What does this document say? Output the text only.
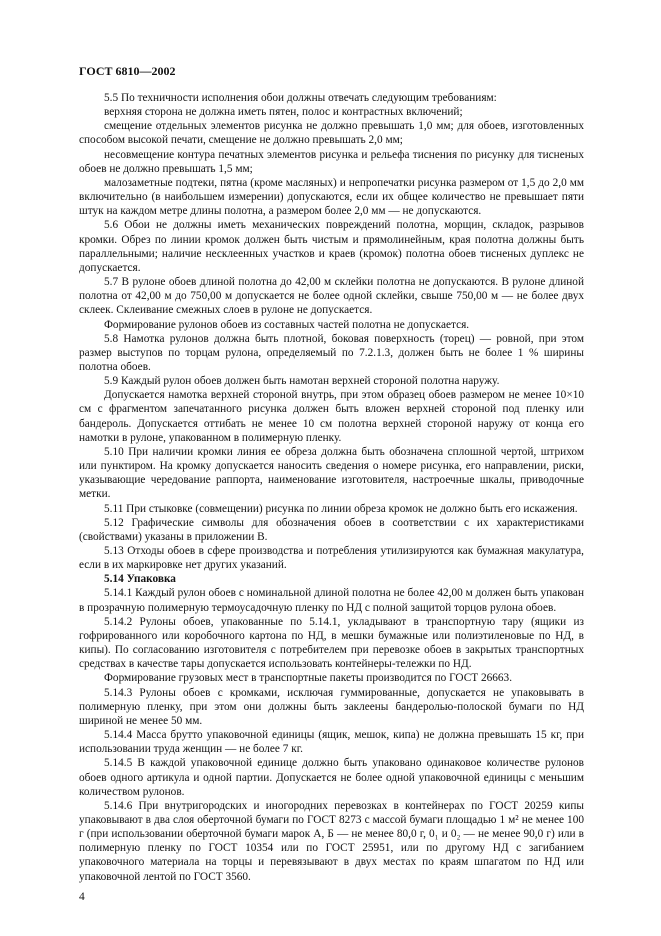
ГОСТ 6810—2002

5.5 По техничности исполнения обои должны отвечать следующим требованиям:

верхняя сторона не должна иметь пятен, полос и контрастных включений;

смещение отдельных элементов рисунка не должно превышать 1,0 мм; для обоев, изготовленных способом высокой печати, смещение не должно превышать 2,0 мм;

несовмещение контура печатных элементов рисунка и рельефа тиснения по рисунку для тисненых обоев не должно превышать 1,5 мм;

малозаметные подтеки, пятна (кроме масляных) и непропечатки рисунка размером от 1,5 до 2,0 мм включительно (в наибольшем измерении) допускаются, если их общее количество не превышает пяти штук на каждом метре длины полотна, а размером более 2,0 мм — не допускаются.

5.6 Обои не должны иметь механических повреждений полотна, морщин, складок, разрывов кромки. Обрез по линии кромок должен быть чистым и прямолинейным, края полотна должны быть параллельными; наличие несклеенных участков и краев (кромок) полотна обоев тисненых дуплекс не допускается.

5.7 В рулоне обоев длиной полотна до 42,00 м склейки полотна не допускаются. В рулоне длиной полотна от 42,00 м до 750,00 м допускается не более одной склейки, свыше 750,00 м — не более двух склеек. Склеивание смежных слоев в рулоне не допускается.

Формирование рулонов обоев из составных частей полотна не допускается.

5.8 Намотка рулонов должна быть плотной, боковая поверхность (торец) — ровной, при этом размер выступов по торцам рулона, определяемый по 7.2.1.3, должен быть не более 1 % ширины полотна обоев.

5.9 Каждый рулон обоев должен быть намотан верхней стороной полотна наружу.

Допускается намотка верхней стороной внутрь, при этом образец обоев размером не менее 10×10 см с фрагментом запечатанного рисунка должен быть вложен верхней стороной под пленку или бандероль. Допускается оттибать не менее 10 см полотна верхней стороной наружу от конца его намотки в рулоне, упакованном в полимерную пленку.

5.10 При наличии кромки линия ее обреза должна быть обозначена сплошной чертой, штрихом или пунктиром. На кромку допускается наносить сведения о номере рисунка, его направлении, риски, указывающие чередование раппорта, наименование изготовителя, настроечные шкалы, приводочные метки.

5.11 При стыковке (совмещении) рисунка по линии обреза кромок не должно быть его искажения.

5.12 Графические символы для обозначения обоев в соответствии с их характеристиками (свойствами) указаны в приложении В.

5.13 Отходы обоев в сфере производства и потребления утилизируются как бумажная макулатура, если в их маркировке нет других указаний.

5.14 Упаковка

5.14.1 Каждый рулон обоев с номинальной длиной полотна не более 42,00 м должен быть упакован в прозрачную полимерную термоусадочную пленку по НД с полной защитой торцов рулона обоев.

5.14.2 Рулоны обоев, упакованные по 5.14.1, укладывают в транспортную тару (ящики из гофрированного или коробочного картона по НД, в мешки бумажные или полиэтиленовые по НД, в кипы). По согласованию изготовителя с потребителем при перевозке обоев в закрытых транспортных средствах в качестве тары допускается использовать контейнеры-тележки по НД.

Формирование грузовых мест в транспортные пакеты производится по ГОСТ 26663.

5.14.3 Рулоны обоев с кромками, исключая гуммированные, допускается не упаковывать в полимерную пленку, при этом они должны быть заклеены бандеролью-полоской бумаги по НД шириной не менее 50 мм.

5.14.4 Масса брутто упаковочной единицы (ящик, мешок, кипа) не должна превышать 15 кг, при использовании труда женщин — не более 7 кг.

5.14.5 В каждой упаковочной единице должно быть упаковано одинаковое количестве рулонов обоев одного артикула и одной партии. Допускается не более одной упаковочной единицы с меньшим количеством рулонов.

5.14.6 При внутригородских и иногородних перевозках в контейнерах по ГОСТ 20259 кипы упаковывают в два слоя оберточной бумаги по ГОСТ 8273 с массой бумаги площадью 1 м² не менее 100 г (при использовании оберточной бумаги марок А, Б — не менее 80,0 г, 0₁ и 0₂ — не менее 90,0 г) или в полимерную пленку по ГОСТ 10354 или по ГОСТ 25951, или по другому НД с загибанием упаковочного материала на торцы и перевязывают в двух местах по краям шпагатом по НД или упаковочной лентой по ГОСТ 3560.

4
